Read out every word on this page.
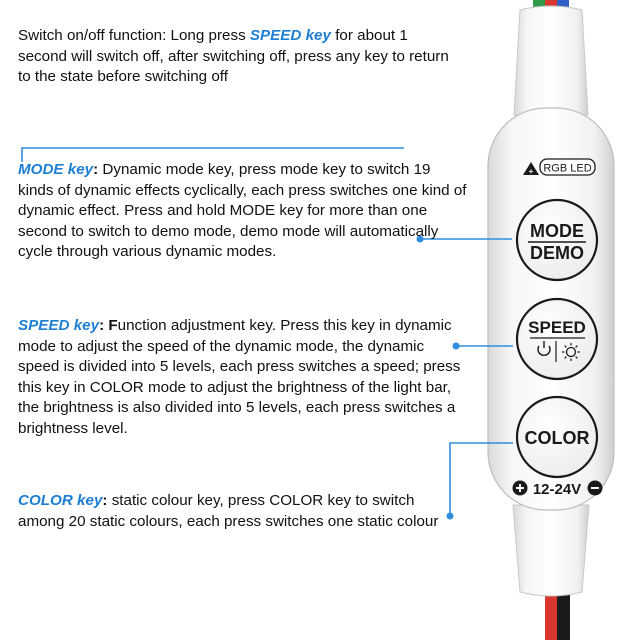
+ RGB LED
MODE
DEMO
SPEED
COLOR
12-24V

Switch on/off function: Long press SPEED key for about 1 second will switch off, after switching off, press any key to return to the state before switching off

MODE key: Dynamic mode key, press mode key to switch 19 kinds of dynamic effects cyclically, each press switches one kind of dynamic effect. Press and hold MODE key for more than one second to switch to demo mode, demo mode will automatically cycle through various dynamic modes.

SPEED key: Function adjustment key. Press this key in dynamic mode to adjust the speed of the dynamic mode, the dynamic speed is divided into 5 levels, each press switches a speed; press this key in COLOR mode to adjust the brightness of the light bar, the brightness is also divided into 5 levels, each press switches a brightness level.

COLOR key: static colour key, press COLOR key to switch among 20 static colours, each press switches one static colour
